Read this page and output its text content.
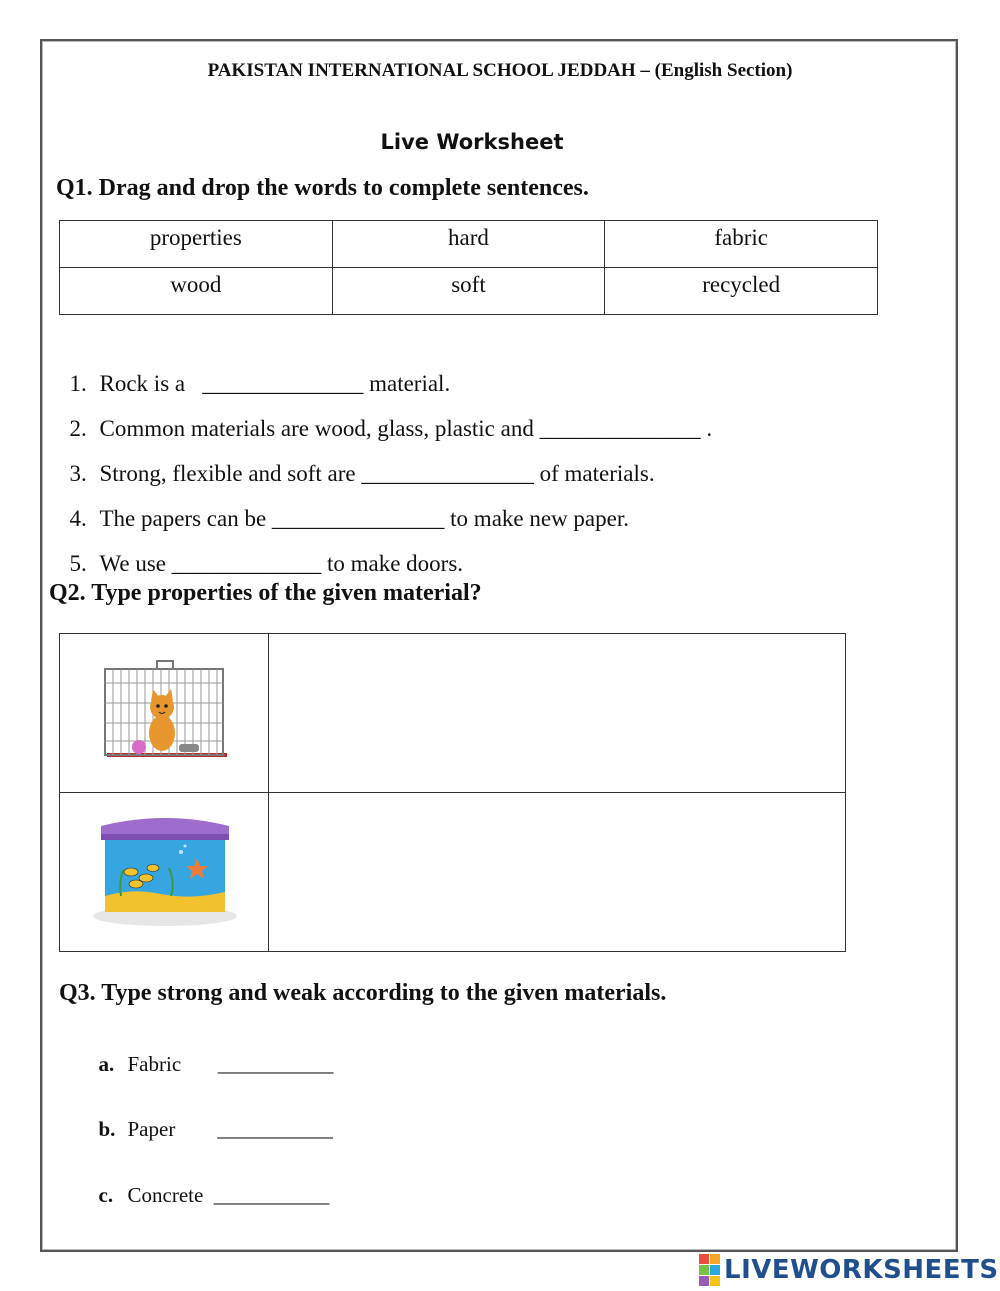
PAKISTAN INTERNATIONAL SCHOOL JEDDAH – (English Section)
Live Worksheet
Q1. Drag and drop the words to complete sentences.
properties	hard	fabric
wood	soft	recycled

1. Rock is a   ______________ material.

2. Common materials are wood, glass, plastic and ______________ .

3. Strong, flexible and soft are _______________ of materials.

4. The papers can be _______________ to make new paper.

5. We use _____________ to make doors.

Q2. Type properties of the given material?

Q3. Type strong and weak according to the given materials.

a. Fabric       ___________

b. Paper        ___________

c. Concrete  ___________

LIVEWORKSHEETS
